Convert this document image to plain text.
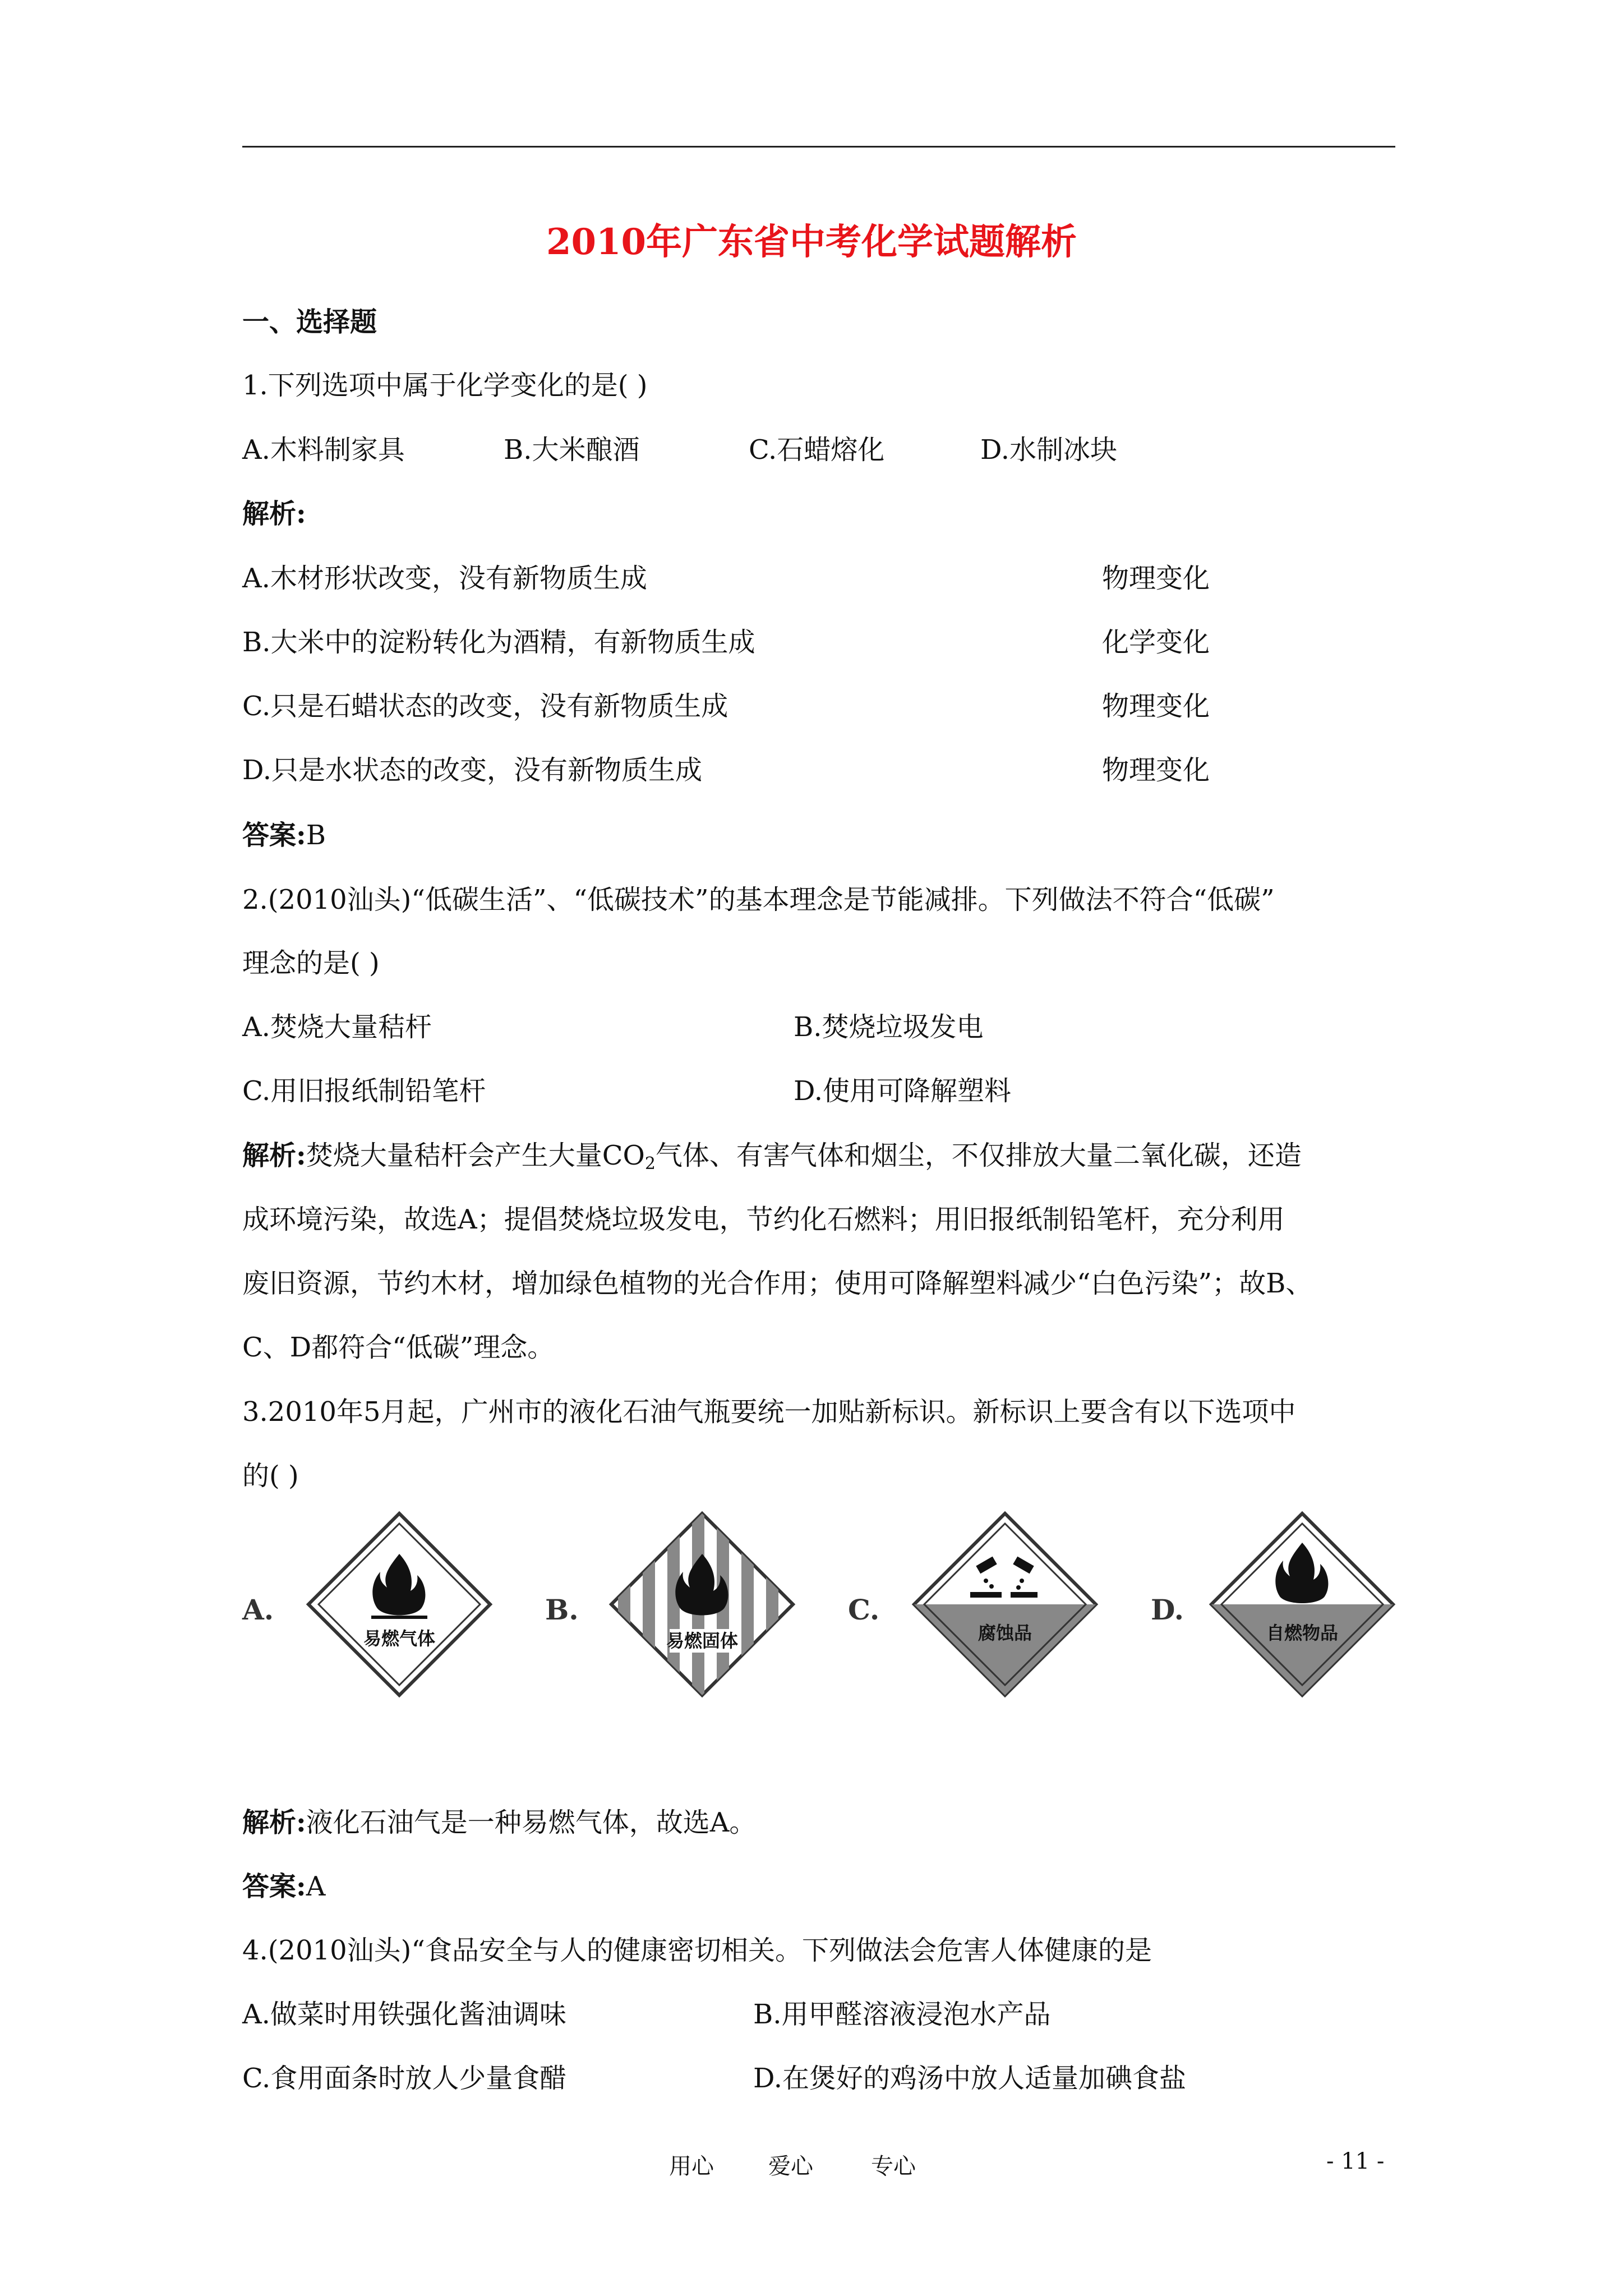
2010年广东省中考化学试题解析
一、选择题
1.下列选项中属于化学变化的是( )
A.木料制家具	B.大米酿酒	C.石蜡熔化	D.水制冰块
解析:
A.木材形状改变，没有新物质生成	物理变化
B.大米中的淀粉转化为酒精，有新物质生成	化学变化
C.只是石蜡状态的改变，没有新物质生成	物理变化
D.只是水状态的改变，没有新物质生成	物理变化
答案:B
2.(2010汕头)“低碳生活”、“低碳技术”的基本理念是节能减排。下列做法不符合“低碳”
理念的是( )
A.焚烧大量秸杆	B.焚烧垃圾发电
C.用旧报纸制铅笔杆	D.使用可降解塑料
解析:焚烧大量秸杆会产生大量$CO_2$气体、有害气体和烟尘，不仅排放大量二氧化碳，还造
成环境污染，故选A；提倡焚烧垃圾发电，节约化石燃料；用旧报纸制铅笔杆，充分利用
废旧资源，节约木材，增加绿色植物的光合作用；使用可降解塑料减少“白色污染”；故B、
C、D都符合“低碳”理念。
3.2010年5月起，广州市的液化石油气瓶要统一加贴新标识。新标识上要含有以下选项中
的( )
A.
易燃气体
B.
易燃固体
C.
腐蚀品
D.
自燃物品
解析:液化石油气是一种易燃气体，故选A。
答案:A
4.(2010汕头)“食品安全与人的健康密切相关。下列做法会危害人体健康的是
A.做菜时用铁强化酱油调味	B.用甲醛溶液浸泡水产品
C.食用面条时放人少量食醋	D.在煲好的鸡汤中放人适量加碘食盐
用心 爱心	专心	- 11 -
